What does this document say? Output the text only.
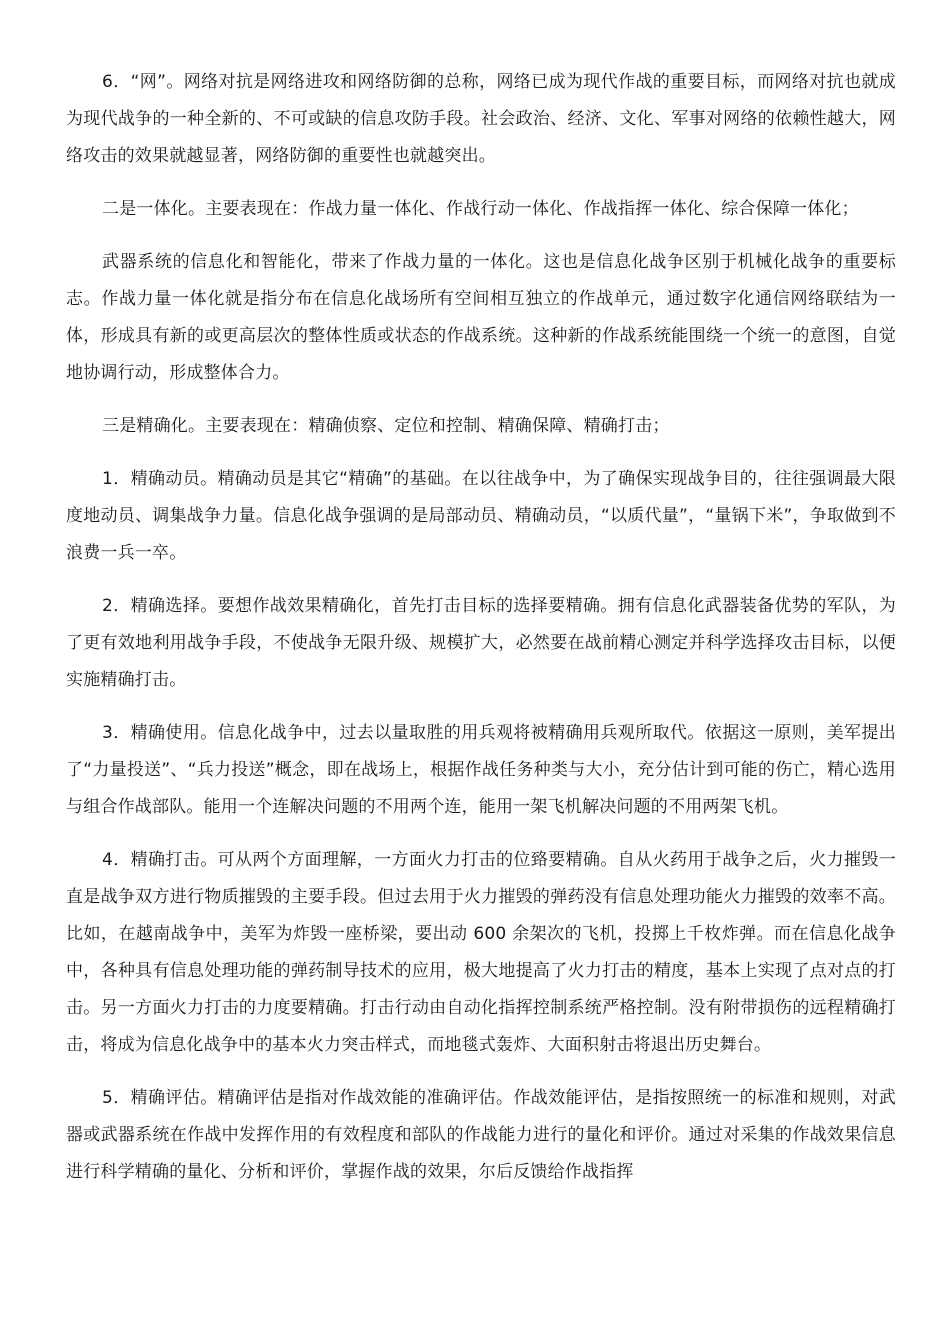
6．“网”。网络对抗是网络进攻和网络防御的总称，网络已成为现代作战的重要目标，而网络对抗也就成为现代战争的一种全新的、不可或缺的信息攻防手段。社会政治、经济、文化、军事对网络的依赖性越大，网络攻击的效果就越显著，网络防御的重要性也就越突出。

二是一体化。主要表现在：作战力量一体化、作战行动一体化、作战指挥一体化、综合保障一体化；

武器系统的信息化和智能化，带来了作战力量的一体化。这也是信息化战争区别于机械化战争的重要标志。作战力量一体化就是指分布在信息化战场所有空间相互独立的作战单元，通过数字化通信网络联结为一体，形成具有新的或更高层次的整体性质或状态的作战系统。这种新的作战系统能围绕一个统一的意图，自觉地协调行动，形成整体合力。

三是精确化。主要表现在：精确侦察、定位和控制、精确保障、精确打击；

1．精确动员。精确动员是其它“精确”的基础。在以往战争中，为了确保实现战争目的，往往强调最大限度地动员、调集战争力量。信息化战争强调的是局部动员、精确动员，“以质代量”，“量锅下米”，争取做到不浪费一兵一卒。

2．精确选择。要想作战效果精确化，首先打击目标的选择要精确。拥有信息化武器装备优势的军队，为了更有效地利用战争手段，不使战争无限升级、规模扩大，必然要在战前精心测定并科学选择攻击目标，以便实施精确打击。

3．精确使用。信息化战争中，过去以量取胜的用兵观将被精确用兵观所取代。依据这一原则，美军提出了“力量投送”、“兵力投送”概念，即在战场上，根据作战任务种类与大小，充分估计到可能的伤亡，精心选用与组合作战部队。能用一个连解决问题的不用两个连，能用一架飞机解决问题的不用两架飞机。

4．精确打击。可从两个方面理解，一方面火力打击的位臵要精确。自从火药用于战争之后，火力摧毁一直是战争双方进行物质摧毁的主要手段。但过去用于火力摧毁的弹药没有信息处理功能火力摧毁的效率不高。比如，在越南战争中，美军为炸毁一座桥梁，要出动 600 余架次的飞机，投掷上千枚炸弹。而在信息化战争中，各种具有信息处理功能的弹药制导技术的应用，极大地提高了火力打击的精度，基本上实现了点对点的打击。另一方面火力打击的力度要精确。打击行动由自动化指挥控制系统严格控制。没有附带损伤的远程精确打击，将成为信息化战争中的基本火力突击样式，而地毯式轰炸、大面积射击将退出历史舞台。

5．精确评估。精确评估是指对作战效能的准确评估。作战效能评估，是指按照统一的标准和规则，对武器或武器系统在作战中发挥作用的有效程度和部队的作战能力进行的量化和评价。通过对采集的作战效果信息进行科学精确的量化、分析和评价，掌握作战的效果，尔后反馈给作战指挥
